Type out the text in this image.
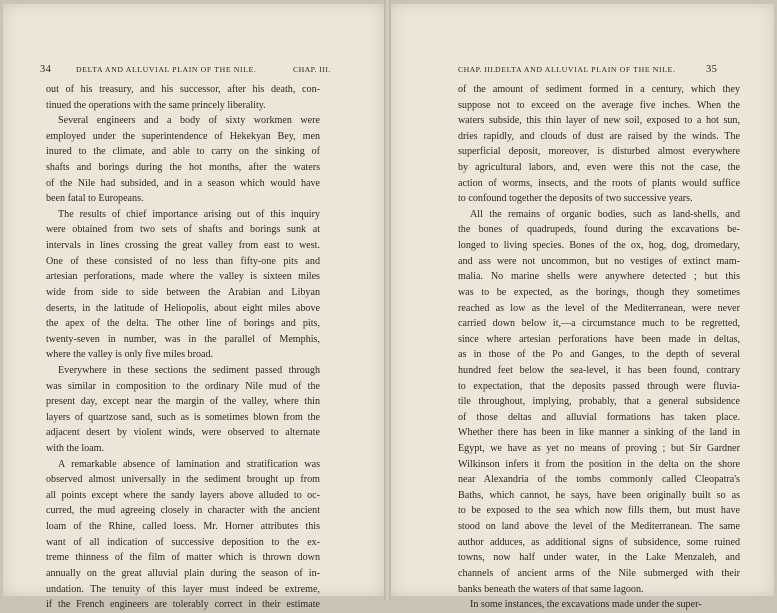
34	DELTA AND ALLUVIAL PLAIN OF THE NILE.	CHAP. III.
out of his treasury, and his successor, after his death, con-
tinued the operations with the same princely liberality.
Several engineers and a body of sixty workmen were
employed under the superintendence of Hekekyan Bey, men
inured to the climate, and able to carry on the sinking of
shafts and borings during the hot months, after the waters
of the Nile had subsided, and in a season which would have
been fatal to Europeans.
The results of chief importance arising out of this inquiry
were obtained from two sets of shafts and borings sunk at
intervals in lines crossing the great valley from east to west.
One of these consisted of no less than fifty-one pits and
artesian perforations, made where the valley is sixteen miles
wide from side to side between the Arabian and Libyan
deserts, in the latitude of Heliopolis, about eight miles above
the apex of the delta. The other line of borings and pits,
twenty-seven in number, was in the parallel of Memphis,
where the valley is only five miles broad.
Everywhere in these sections the sediment passed through
was similar in composition to the ordinary Nile mud of the
present day, except near the margin of the valley, where thin
layers of quartzose sand, such as is sometimes blown from the
adjacent desert by violent winds, were observed to alternate
with the loam.
A remarkable absence of lamination and stratification was
observed almost universally in the sediment brought up from
all points except where the sandy layers above alluded to oc-
curred, the mud agreeing closely in character with the ancient
loam of the Rhine, called loess. Mr. Horner attributes this
want of all indication of successive deposition to the ex-
treme thinness of the film of matter which is thrown down
annually on the great alluvial plain during the season of in-
undation. The tenuity of this layer must indeed be extreme,
if the French engineers are tolerably correct in their estimate
CHAP. III. DELTA AND ALLUVIAL PLAIN OF THE NILE.	35
of the amount of sediment formed in a century, which they
suppose not to exceed on the average five inches. When the
waters subside, this thin layer of new soil, exposed to a hot sun,
dries rapidly, and clouds of dust are raised by the winds. The
superficial deposit, moreover, is disturbed almost everywhere
by agricultural labors, and, even were this not the case, the
action of worms, insects, and the roots of plants would suffice
to confound together the deposits of two successive years.
All the remains of organic bodies, such as land-shells, and
the bones of quadrupeds, found during the excavations be-
longed to living species. Bones of the ox, hog, dog, dromedary,
and ass were not uncommon, but no vestiges of extinct mam-
malia. No marine shells were anywhere detected ; but this
was to be expected, as the borings, though they sometimes
reached as low as the level of the Mediterranean, were never
carried down below it,—a circumstance much to be regretted,
since where artesian perforations have been made in deltas,
as in those of the Po and Ganges, to the depth of several
hundred feet below the sea-level, it has been found, contrary
to expectation, that the deposits passed through were fluvia-
tile throughout, implying, probably, that a general subsidence
of those deltas and alluvial formations has taken place.
Whether there has been in like manner a sinking of the land in
Egypt, we have as yet no means of proving ; but Sir Gardner
Wilkinson infers it from the position in the delta on the shore
near Alexandria of the tombs commonly called Cleopatra's
Baths, which cannot, he says, have been originally built so as
to be exposed to the sea which now fills them, but must have
stood on land above the level of the Mediterranean. The same
author adduces, as additional signs of subsidence, some ruined
towns, now half under water, in the Lake Menzaleh, and
channels of ancient arms of the Nile submerged with their
banks beneath the waters of that same lagoon.
In some instances, the excavations made under the super-
